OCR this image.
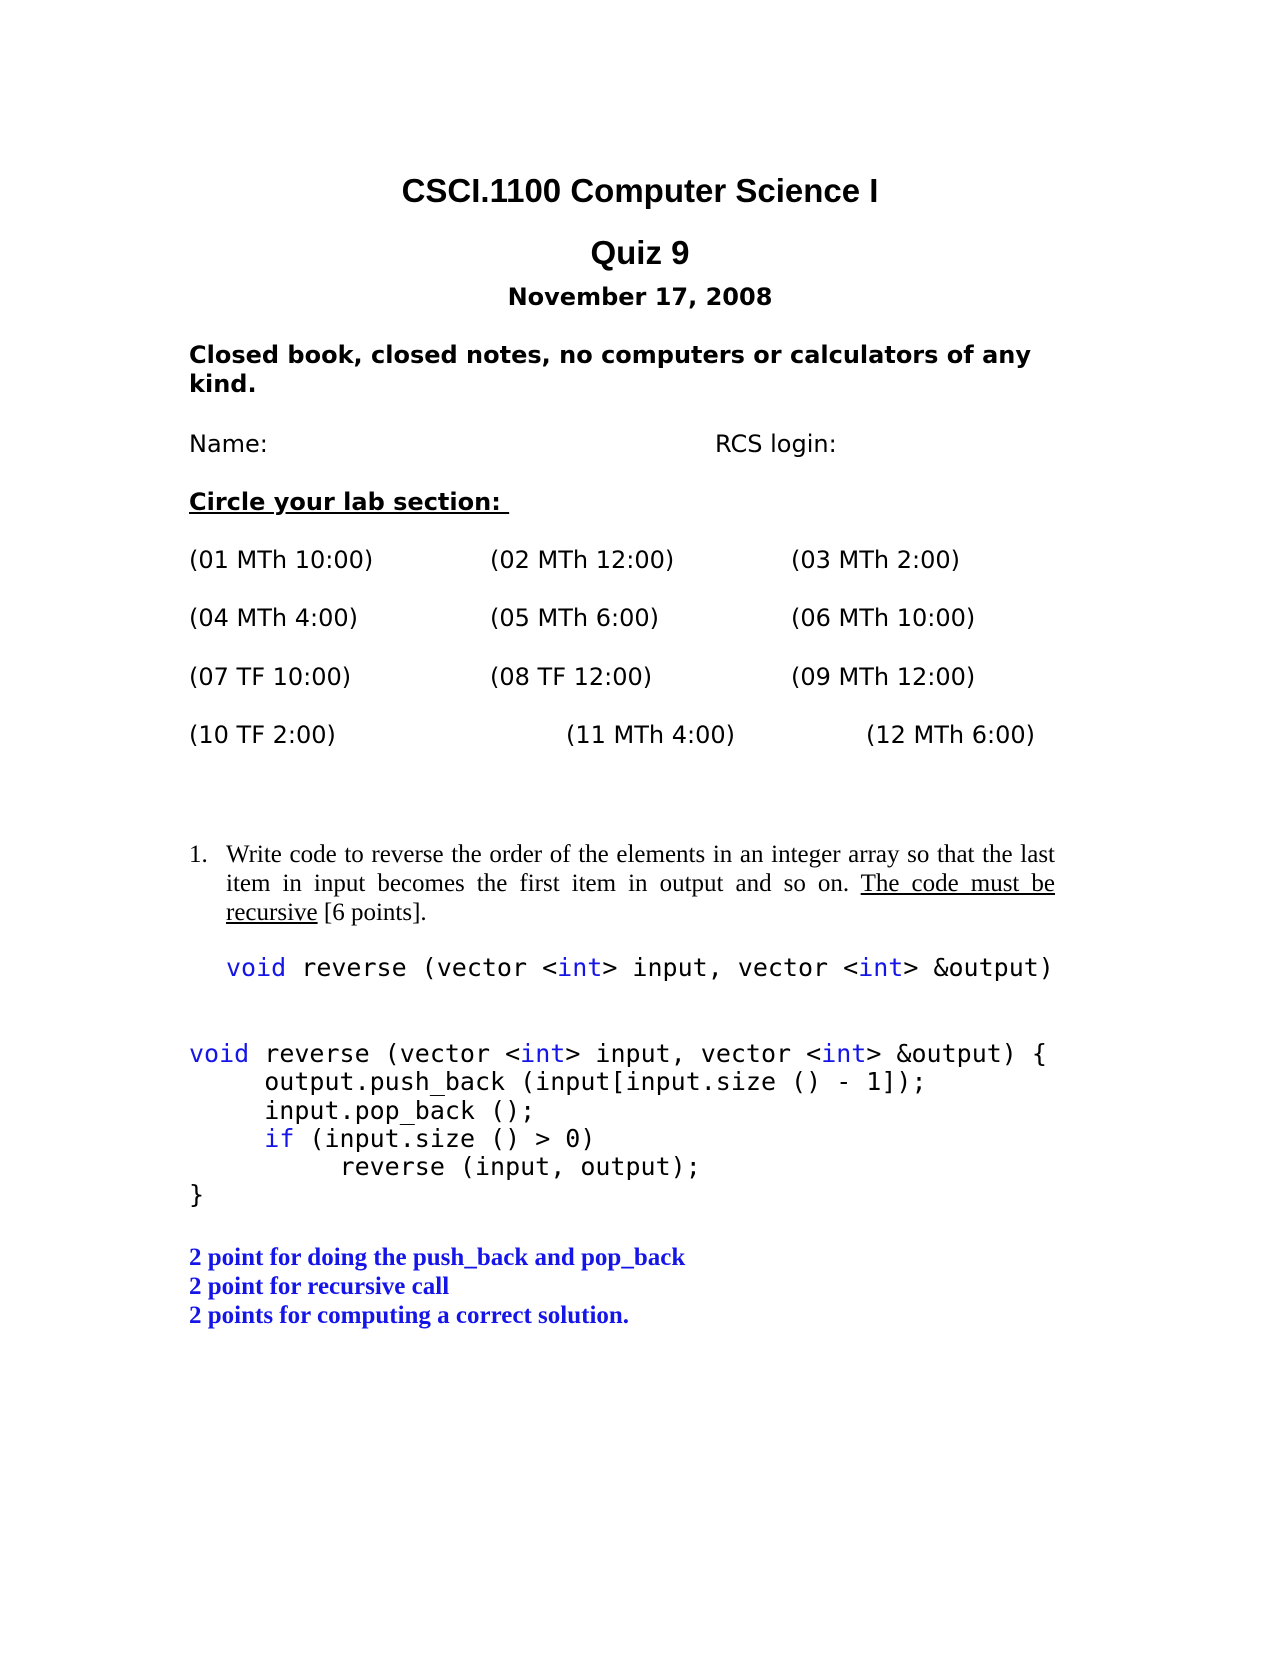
CSCI.1100 Computer Science I
Quiz 9
November 17, 2008

Closed book, closed notes, no computers or calculators of any kind.

Name:	RCS login:
Circle your lab section:
(01 MTh 10:00)	(02 MTh 12:00)	(03 MTh 2:00)
(04 MTh 4:00)	(05 MTh 6:00)	(06 MTh 10:00)
(07 TF 10:00)	(08 TF 12:00)	(09 MTh 12:00)
(10 TF 2:00)	(11 MTh 4:00)	(12 MTh 6:00)
1. Write code to reverse the order of the elements in an integer array so that the last item in input becomes the first item in output and so on. The code must be recursive [6 points].
void reverse (vector <int> input, vector <int> &output)
void reverse (vector <int> input, vector <int> &output) {
output.push_back (input[input.size () - 1]);
input.pop_back ();
if (input.size () > 0)
reverse (input, output);
}
2 point for doing the push_back and pop_back
2 point for recursive call
2 points for computing a correct solution.
